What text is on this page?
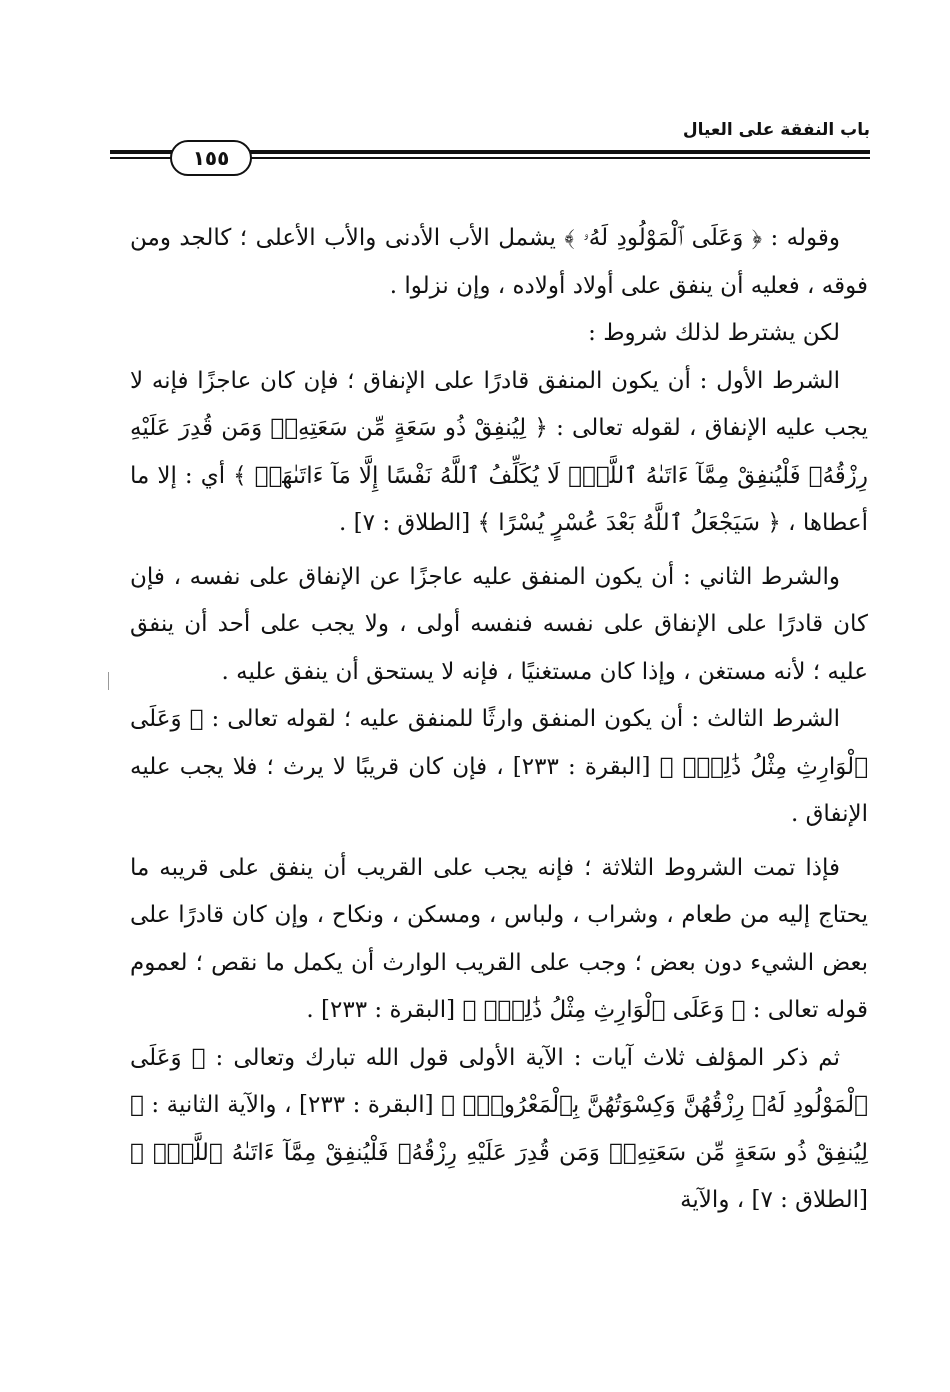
باب النفقة على العيال
١٥٥

وقوله : ﴿ وَعَلَى ٱلْمَوْلُودِ لَهُۥ ﴾ يشمل الأب الأدنى والأب الأعلى ؛ كالجد ومن فوقه ، فعليه أن ينفق على أولاد أولاده ، وإن نزلوا .

لكن يشترط لذلك شروط :

الشرط الأول : أن يكون المنفق قادرًا على الإنفاق ؛ فإن كان عاجزًا فإنه لا يجب عليه الإنفاق ، لقوله تعالى : ﴿ لِيُنفِقْ ذُو سَعَةٍ مِّن سَعَتِهِۦۖ وَمَن قُدِرَ عَلَيْهِ رِزْقُهُۥ فَلْيُنفِقْ مِمَّآ ءَاتَىٰهُ ٱللَّهُۚ لَا يُكَلِّفُ ٱللَّهُ نَفْسًا إِلَّا مَآ ءَاتَىٰهَاۚ ﴾ أي : إلا ما أعطاها ، ﴿ سَيَجْعَلُ ٱللَّهُ بَعْدَ عُسْرٍ يُسْرًا ﴾ [الطلاق : ٧] .

والشرط الثاني : أن يكون المنفق عليه عاجزًا عن الإنفاق على نفسه ، فإن كان قادرًا على الإنفاق على نفسه فنفسه أولى ، ولا يجب على أحد أن ينفق عليه ؛ لأنه مستغن ، وإذا كان مستغنيًا ، فإنه لا يستحق أن ينفق عليه .

الشرط الثالث : أن يكون المنفق وارثًا للمنفق عليه ؛ لقوله تعالى : ﴿ وَعَلَى ٱلْوَارِثِ مِثْلُ ذَٰلِكَۗ ﴾ [البقرة : ٢٣٣] ، فإن كان قريبًا لا يرث ؛ فلا يجب عليه الإنفاق .

فإذا تمت الشروط الثلاثة ؛ فإنه يجب على القريب أن ينفق على قريبه ما يحتاج إليه من طعام ، وشراب ، ولباس ، ومسكن ، ونكاح ، وإن كان قادرًا على بعض الشيء دون بعض ؛ وجب على القريب الوارث أن يكمل ما نقص ؛ لعموم قوله تعالى : ﴿ وَعَلَى ٱلْوَارِثِ مِثْلُ ذَٰلِكَۗ ﴾ [البقرة : ٢٣٣] .

ثم ذكر المؤلف ثلاث آيات : الآية الأولى قول الله تبارك وتعالى : ﴿ وَعَلَى ٱلْمَوْلُودِ لَهُۥ رِزْقُهُنَّ وَكِسْوَتُهُنَّ بِٱلْمَعْرُوفِۚ ﴾ [البقرة : ٢٣٣] ، والآية الثانية : ﴿ لِيُنفِقْ ذُو سَعَةٍ مِّن سَعَتِهِۦۖ وَمَن قُدِرَ عَلَيْهِ رِزْقُهُۥ فَلْيُنفِقْ مِمَّآ ءَاتَىٰهُ ٱللَّهُۚ ﴾ [الطلاق : ٧] ، والآية
